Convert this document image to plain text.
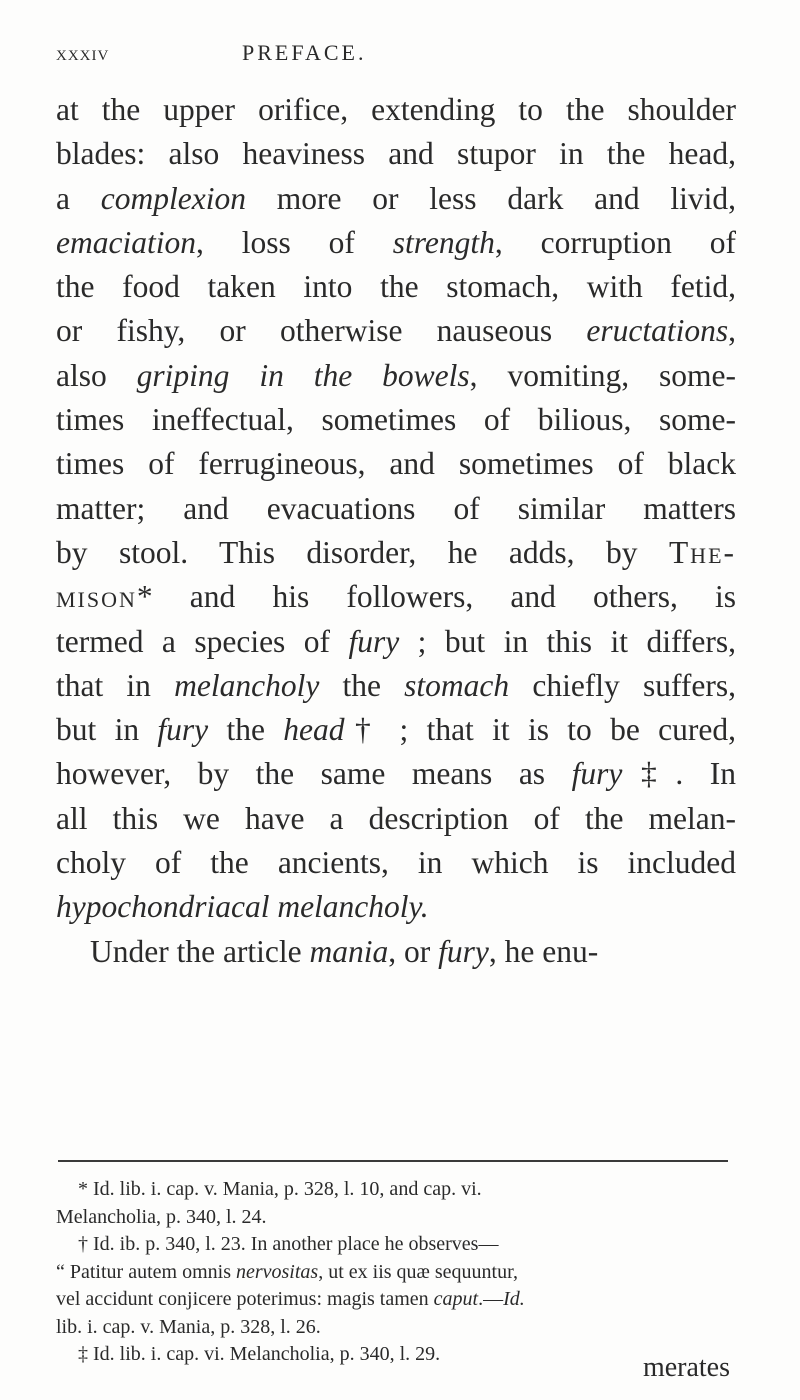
xxxiv	PREFACE.
at the upper orifice, extending to the shoulder
blades: also heaviness and stupor in the head,
a complexion more or less dark and livid,
emaciation, loss of strength, corruption of
the food taken into the stomach, with fetid,
or fishy, or otherwise nauseous eructations,
also griping in the bowels, vomiting, some-
times ineffectual, sometimes of bilious, some-
times of ferrugineous, and sometimes of black
matter; and evacuations of similar matters
by stool. This disorder, he adds, by The-
mison* and his followers, and others, is
termed a species of fury ; but in this it differs,
that in melancholy the stomach chiefly suffers,
but in fury the head† ; that it is to be cured,
however, by the same means as fury‡. In
all this we have a description of the melan-
choly of the ancients, in which is included
hypochondriacal melancholy.
Under the article mania, or fury, he enu-
* Id. lib. i. cap. v. Mania, p. 328, l. 10, and cap. vi.
Melancholia, p. 340, l. 24.
† Id. ib. p. 340, l. 23. In another place he observes—
“ Patitur autem omnis nervositas, ut ex iis quæ sequuntur,
vel accidunt conjicere poterimus: magis tamen caput.—Id.
lib. i. cap. v. Mania, p. 328, l. 26.
‡ Id. lib. i. cap. vi. Melancholia, p. 340, l. 29.	merates
